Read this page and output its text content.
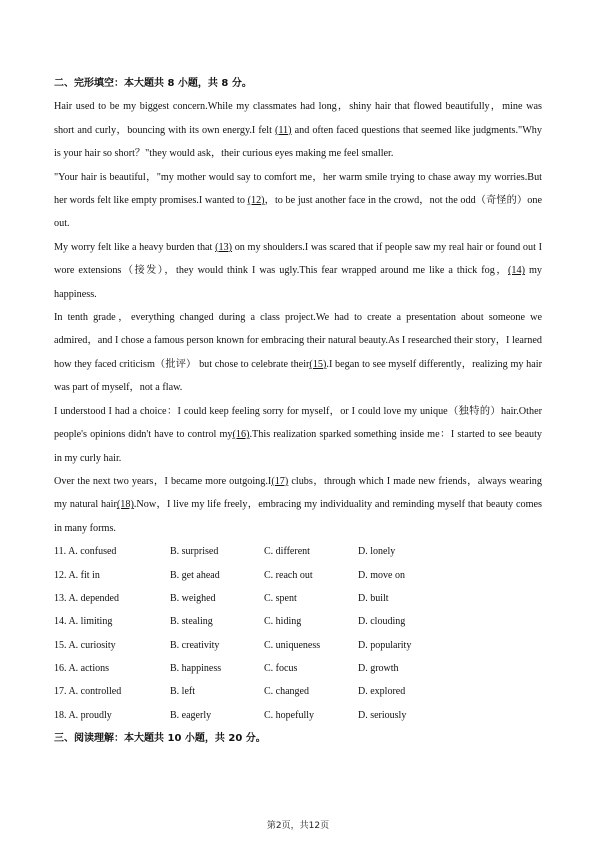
二、完形填空：本大题共 8 小题，共 8 分。
Hair used to be my biggest concern.While my classmates had long，shiny hair that flowed beautifully，mine was short and curly，bouncing with its own energy.I felt (11) and often faced questions that seemed like judgments."Why is your hair so short？"they would ask，their curious eyes making me feel smaller.
"Your hair is beautiful，"my mother would say to comfort me，her warm smile trying to chase away my worries.But her words felt like empty promises.I wanted to (12)，to be just another face in the crowd，not the odd（奇怪的）one out.
My worry felt like a heavy burden that (13) on my shoulders.I was scared that if people saw my real hair or found out I wore extensions（接发），they would think I was ugly.This fear wrapped around me like a thick fog，(14) my happiness.
In tenth grade，everything changed during a class project.We had to create a presentation about someone we admired，and I chose a famous person known for embracing their natural beauty.As I researched their story，I learned how they faced criticism（批评） but chose to celebrate their(15).I began to see myself differently，realizing my hair was part of myself，not a flaw.
I understood I had a choice：I could keep feeling sorry for myself，or I could love my unique（独特的）hair.Other people's opinions didn't have to control my(16).This realization sparked something inside me：I started to see beauty in my curly hair.
Over the next two years，I became more outgoing.I(17) clubs，through which I made new friends，always wearing my natural hair(18).Now，I live my life freely，embracing my individuality and reminding myself that beauty comes in many forms.
11. A. confused	B. surprised	C. different	D. lonely
12. A. fit in	B. get ahead	C. reach out	D. move on
13. A. depended	B. weighed	C. spent	D. built
14. A. limiting	B. stealing	C. hiding	D. clouding
15. A. curiosity	B. creativity	C. uniqueness	D. popularity
16. A. actions	B. happiness	C. focus	D. growth
17. A. controlled	B. left	C. changed	D. explored
18. A. proudly	B. eagerly	C. hopefully	D. seriously
三、阅读理解：本大题共 10 小题，共 20 分。
第2页，共12页
